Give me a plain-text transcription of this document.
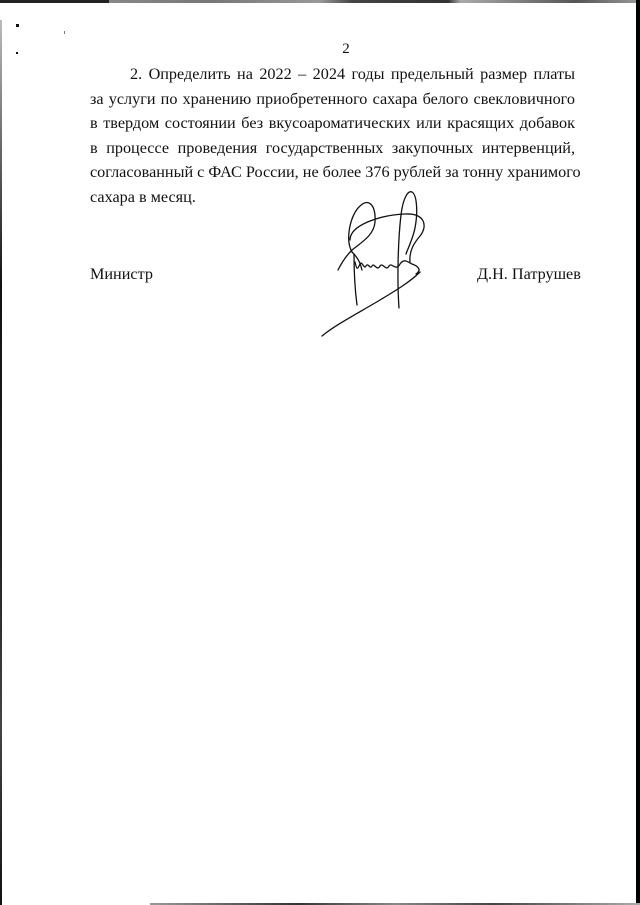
2
2. Определить на 2022 – 2024 годы предельный размер платы
за услуги по хранению приобретенного сахара белого свекловичного
в твердом состоянии без вкусоароматических или красящих добавок
в процессе проведения государственных закупочных интервенций,
согласованный с ФАС России, не более 376 рублей за тонну хранимого
сахара в месяц.
Министр	Д.Н. Патрушев
